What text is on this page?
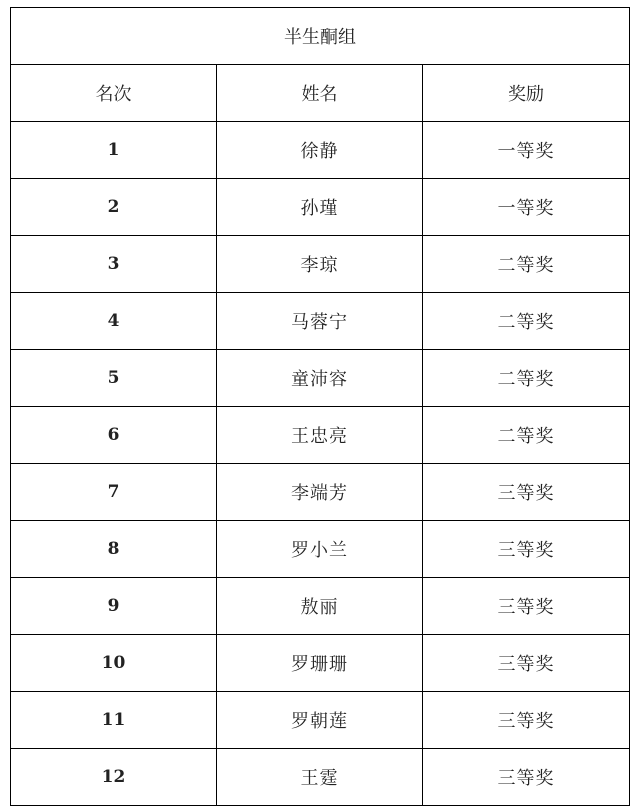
半生酮组		
名次	姓名	奖励
1	徐静	一等奖
2	孙瑾	一等奖
3	李琼	二等奖
4	马蓉宁	二等奖
5	童沛容	二等奖
6	王忠亮	二等奖
7	李端芳	三等奖
8	罗小兰	三等奖
9	敖丽	三等奖
10	罗珊珊	三等奖
11	罗朝莲	三等奖
12	王霆	三等奖
